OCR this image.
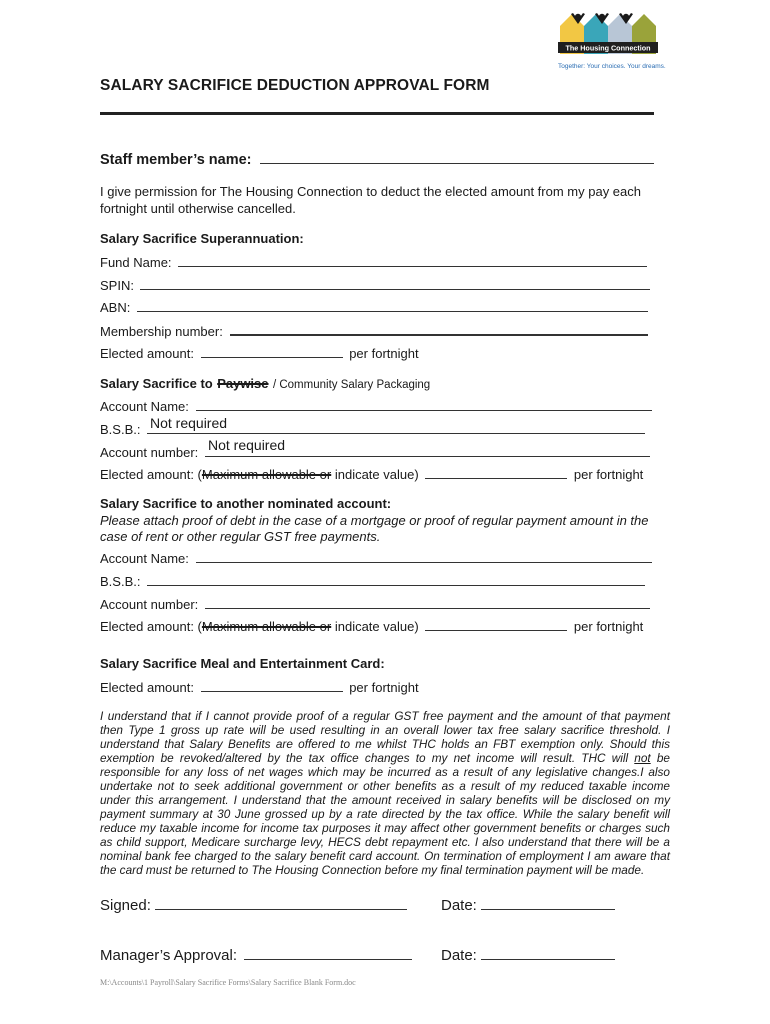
The Housing Connection
Together: Your choices. Your dreams.
SALARY SACRIFICE DEDUCTION APPROVAL FORM
Staff member’s name:
I give permission for The Housing Connection to deduct the elected amount from my pay each
fortnight until otherwise cancelled.
Salary Sacrifice Superannuation:
Fund Name:
SPIN:
ABN:
Membership number:
Elected amount:	per fortnight
Salary Sacrifice to Paywise / Community Salary Packaging
Account Name:
B.S.B.: Not required
Account number: Not required
Elected amount: (Maximum allowable or indicate value)	per fortnight
Salary Sacrifice to another nominated account:
Please attach proof of debt in the case of a mortgage or proof of regular payment amount in the
case of rent or other regular GST free payments.
Account Name:
B.S.B.:
Account number:
Elected amount: (Maximum allowable or indicate value)	per fortnight
Salary Sacrifice Meal and Entertainment Card:
Elected amount:	per fortnight
I understand that if I cannot provide proof of a regular GST free payment and the amount of that payment then Type 1 gross up rate will be used resulting in an overall lower tax free salary sacrifice threshold. I understand that Salary Benefits are offered to me whilst THC holds an FBT exemption only. Should this exemption be revoked/altered by the tax office changes to my net income will result. THC will not be responsible for any loss of net wages which may be incurred as a result of any legislative changes.I also undertake not to seek additional government or other benefits as a result of my reduced taxable income under this arrangement. I understand that the amount received in salary benefits will be disclosed on my payment summary at 30 June grossed up by a rate directed by the tax office. While the salary benefit will reduce my taxable income for income tax purposes it may affect other government benefits or charges such as child support, Medicare surcharge levy, HECS debt repayment etc. I also understand that there will be a nominal bank fee charged to the salary benefit card account. On termination of employment I am aware that the card must be returned to The Housing Connection before my final termination payment will be made.
Signed:	Date:
Manager’s Approval:	Date:
M:\Accounts\1 Payroll\Salary Sacrifice Forms\Salary Sacrifice Blank Form.doc
